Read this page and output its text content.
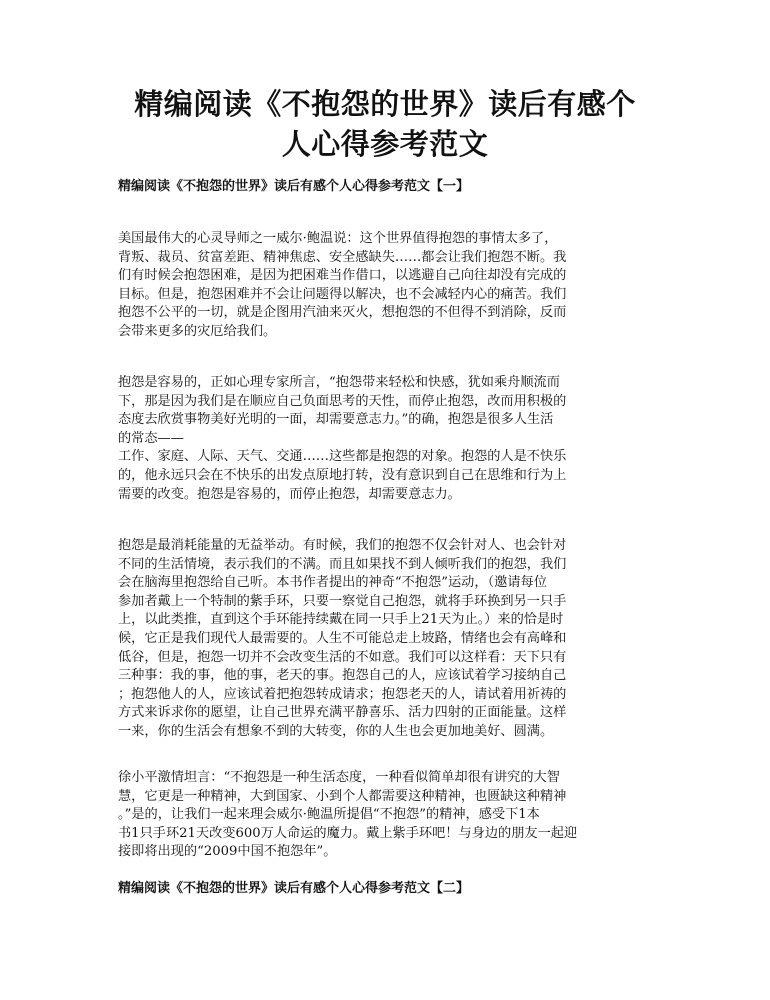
精编阅读《不抱怨的世界》读后有感个
人心得参考范文

精编阅读《不抱怨的世界》读后有感个人心得参考范文【一】

美国最伟大的心灵导师之一威尔·鲍温说：这个世界值得抱怨的事情太多了，
背叛、裁员、贫富差距、精神焦虑、安全感缺失……都会让我们抱怨不断。我
们有时候会抱怨困难，是因为把困难当作借口，以逃避自己向往却没有完成的
目标。但是，抱怨困难并不会让问题得以解决，也不会减轻内心的痛苦。我们
抱怨不公平的一切，就是企图用汽油来灭火，想抱怨的不但得不到消除，反而
会带来更多的灾厄给我们。

抱怨是容易的，正如心理专家所言，“抱怨带来轻松和快感，犹如乘舟顺流而
下，那是因为我们是在顺应自己负面思考的天性，而停止抱怨，改而用积极的
态度去欣赏事物美好光明的一面，却需要意志力。”的确，抱怨是很多人生活
的常态——
工作、家庭、人际、天气、交通……这些都是抱怨的对象。抱怨的人是不快乐
的，他永远只会在不快乐的出发点原地打转，没有意识到自己在思维和行为上
需要的改变。抱怨是容易的，而停止抱怨，却需要意志力。

抱怨是最消耗能量的无益举动。有时候，我们的抱怨不仅会针对人、也会针对
不同的生活情境，表示我们的不满。而且如果找不到人倾听我们的抱怨，我们
会在脑海里抱怨给自己听。本书作者提出的神奇“不抱怨”运动，（邀请每位
参加者戴上一个特制的紫手环，只要一察觉自己抱怨，就将手环换到另一只手
上，以此类推，直到这个手环能持续戴在同一只手上21天为止。）来的恰是时
候，它正是我们现代人最需要的。人生不可能总走上坡路，情绪也会有高峰和
低谷，但是，抱怨一切并不会改变生活的不如意。我们可以这样看：天下只有
三种事：我的事，他的事，老天的事。抱怨自己的人，应该试着学习接纳自己
；抱怨他人的人，应该试着把抱怨转成请求；抱怨老天的人，请试着用祈祷的
方式来诉求你的愿望，让自己世界充满平静喜乐、活力四射的正面能量。这样
一来，你的生活会有想象不到的大转变，你的人生也会更加地美好、圆满。

徐小平激情坦言：“不抱怨是一种生活态度，一种看似简单却很有讲究的大智
慧，它更是一种精神，大到国家、小到个人都需要这种精神，也匮缺这种精神
。”是的，让我们一起来理会威尔·鲍温所提倡“不抱怨”的精神，感受下1本
书1只手环21天改变600万人命运的魔力。戴上紫手环吧！与身边的朋友一起迎
接即将出现的“2009中国不抱怨年”。

精编阅读《不抱怨的世界》读后有感个人心得参考范文【二】
